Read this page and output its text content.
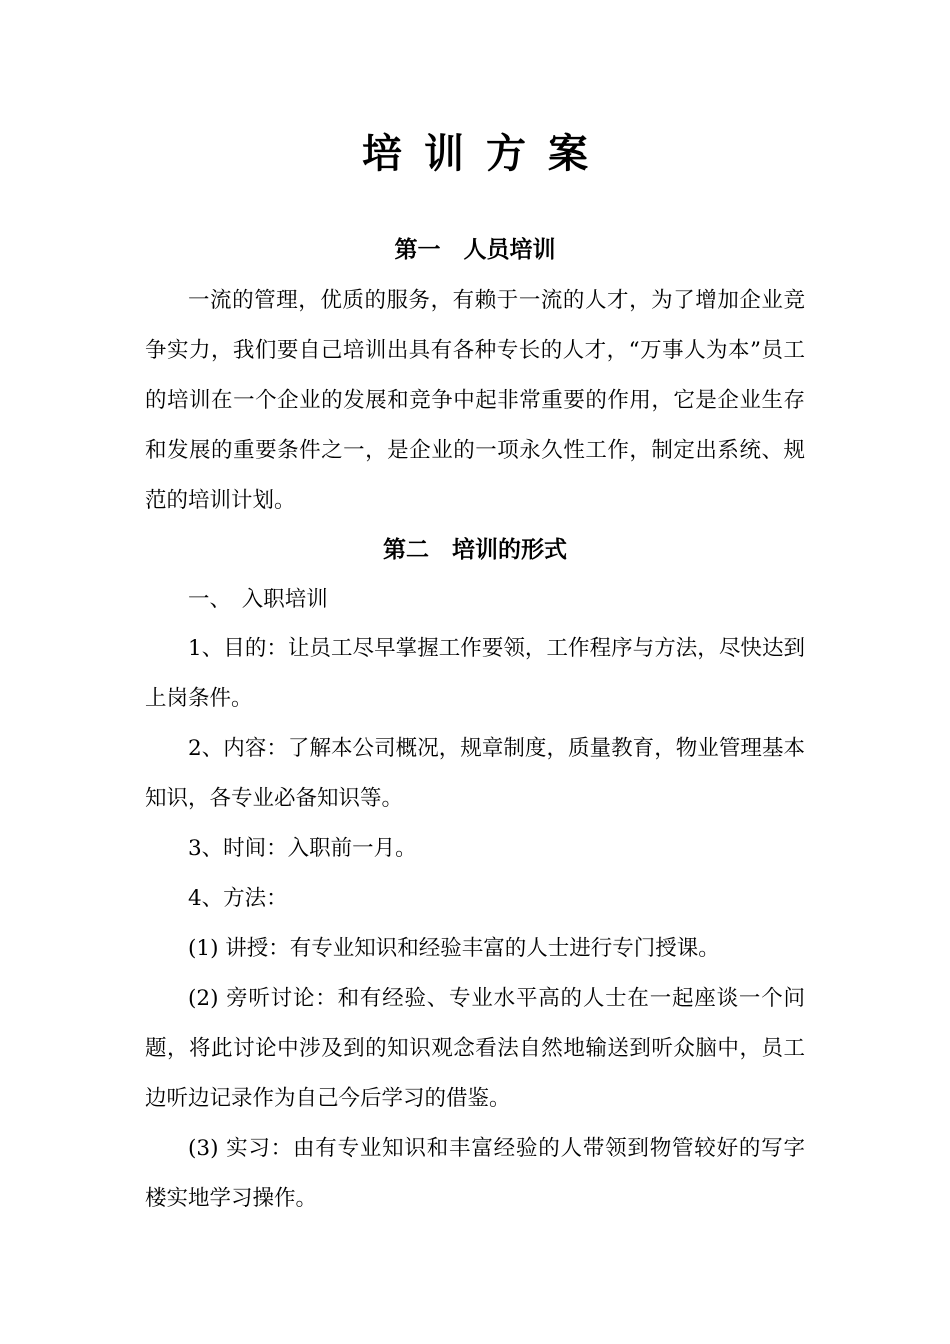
培训方案
第一　人员培训

一流的管理，优质的服务，有赖于一流的人才，为了增加企业竞争实力，我们要自己培训出具有各种专长的人才，“万事人为本”员工的培训在一个企业的发展和竞争中起非常重要的作用，它是企业生存和发展的重要条件之一，是企业的一项永久性工作，制定出系统、规范的培训计划。

第二　培训的形式
一、　入职培训

1、目的：让员工尽早掌握工作要领，工作程序与方法，尽快达到上岗条件。

2、内容：了解本公司概况，规章制度，质量教育，物业管理基本知识，各专业必备知识等。

3、时间：入职前一月。

4、方法：

(1) 讲授：有专业知识和经验丰富的人士进行专门授课。

(2) 旁听讨论：和有经验、专业水平高的人士在一起座谈一个问题，将此讨论中涉及到的知识观念看法自然地输送到听众脑中，员工边听边记录作为自己今后学习的借鉴。

(3) 实习：由有专业知识和丰富经验的人带领到物管较好的写字楼实地学习操作。
